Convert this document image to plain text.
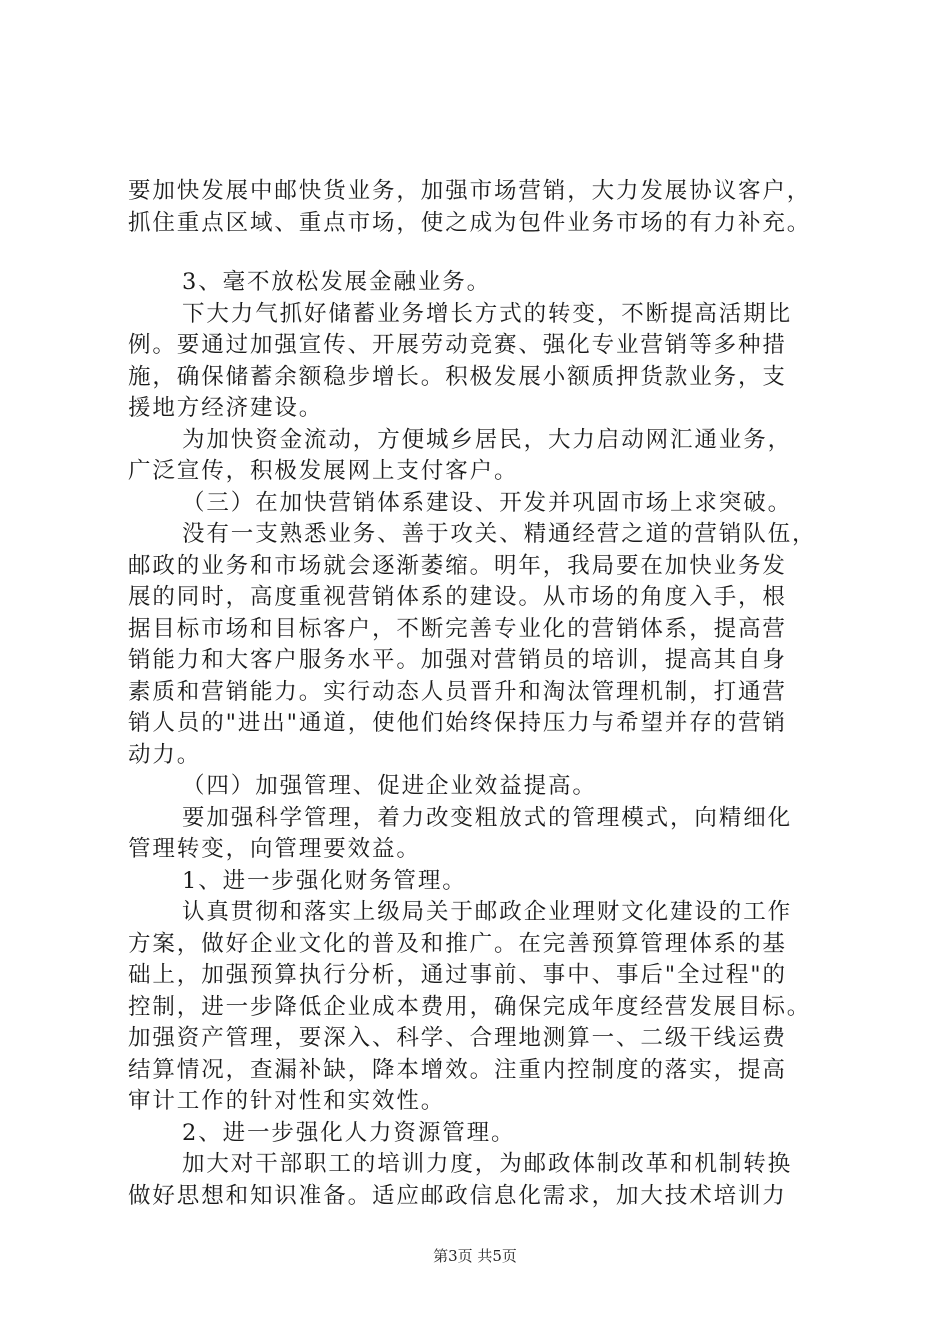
要加快发展中邮快货业务，加强市场营销，大力发展协议客户，
抓住重点区域、重点市场，使之成为包件业务市场的有力补充。
3、毫不放松发展金融业务。
下大力气抓好储蓄业务增长方式的转变，不断提高活期比
例。要通过加强宣传、开展劳动竞赛、强化专业营销等多种措
施，确保储蓄余额稳步增长。积极发展小额质押货款业务，支
援地方经济建设。
为加快资金流动，方便城乡居民，大力启动网汇通业务，
广泛宣传，积极发展网上支付客户。
（三）在加快营销体系建设、开发并巩固市场上求突破。
没有一支熟悉业务、善于攻关、精通经营之道的营销队伍，
邮政的业务和市场就会逐渐萎缩。明年，我局要在加快业务发
展的同时，高度重视营销体系的建设。从市场的角度入手，根
据目标市场和目标客户，不断完善专业化的营销体系，提高营
销能力和大客户服务水平。加强对营销员的培训，提高其自身
素质和营销能力。实行动态人员晋升和淘汰管理机制，打通营
销人员的"进出"通道，使他们始终保持压力与希望并存的营销
动力。
（四）加强管理、促进企业效益提高。
要加强科学管理，着力改变粗放式的管理模式，向精细化
管理转变，向管理要效益。
1、进一步强化财务管理。
认真贯彻和落实上级局关于邮政企业理财文化建设的工作
方案，做好企业文化的普及和推广。在完善预算管理体系的基
础上，加强预算执行分析，通过事前、事中、事后"全过程"的
控制，进一步降低企业成本费用，确保完成年度经营发展目标。
加强资产管理，要深入、科学、合理地测算一、二级干线运费
结算情况，查漏补缺，降本增效。注重内控制度的落实，提高
审计工作的针对性和实效性。
2、进一步强化人力资源管理。
加大对干部职工的培训力度，为邮政体制改革和机制转换
做好思想和知识准备。适应邮政信息化需求，加大技术培训力
第3页 共5页
